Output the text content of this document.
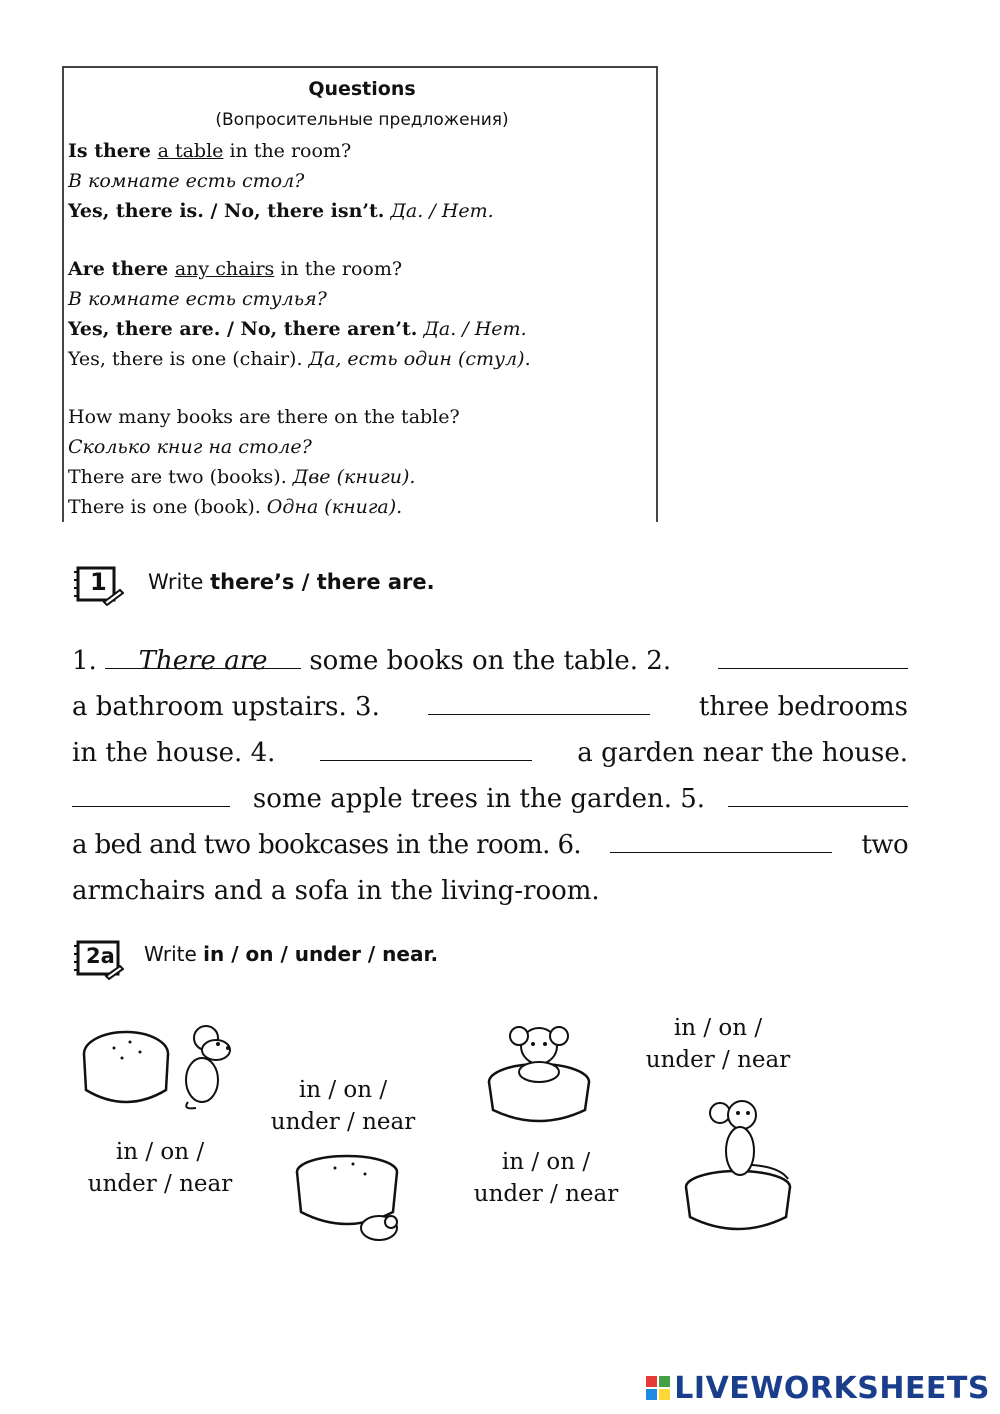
Questions
(Вопросительные предложения)
Is there a table in the room?
В комнате есть стол?
Yes, there is. / No, there isn’t. Да. / Нет.
Are there any chairs in the room?
В комнате есть стулья?
Yes, there are. / No, there aren’t. Да. / Нет.
Yes, there is one (chair). Да, есть один (стул).
How many books are there on the table?
Сколько книг на столе?
There are two (books). Две (книги).
There is one (book). Одна (книга).
1 Write there’s / there are.
1. There are some books on the table. 2.
a bathroom upstairs. 3.	three bedrooms
in the house. 4.	a garden near the house.
some apple trees in the garden. 5.
a bed and two bookcases in the room. 6.	two
armchairs and a sofa in the living-room.
2a Write in / on / under / near.
in / on /
under / near
in / on /
under / near
in / on /
under / near
in / on /
under / near
LIVEWORKSHEETS
